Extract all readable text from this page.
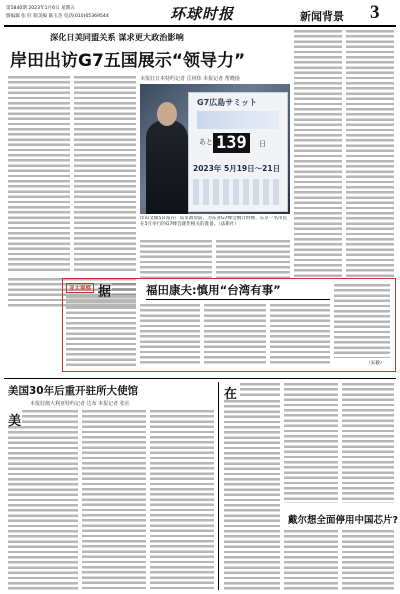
第5840期 2023年1月6日 星期五
版编辑 张 旺 版美编 陈玉杰 电话(010)65369544	环球时报	新闻背景 3
深化日美同盟关系 谋求更大政治影响
岸田出访G7五国展示“领导力”
本报驻日本特约记者 岳林炜 本报记者 帮晓扬
G7広島サミット
あと 139	日
2023年 5月19日～21日
岸田文雄5日站在广岛市政府前，为东亚G7峰会倒计时牌。东京一名市民在5月举行的G7峰会就作相关的准备。（法新社）
亚太观察 据	福田康夫:慎用“台湾有事”
（宋毅）
美国30年后重开驻所大使馆
本报驻澳大利亚特约记者 达布 本报记者 张社
美
在
戴尔想全面停用中国芯片?
